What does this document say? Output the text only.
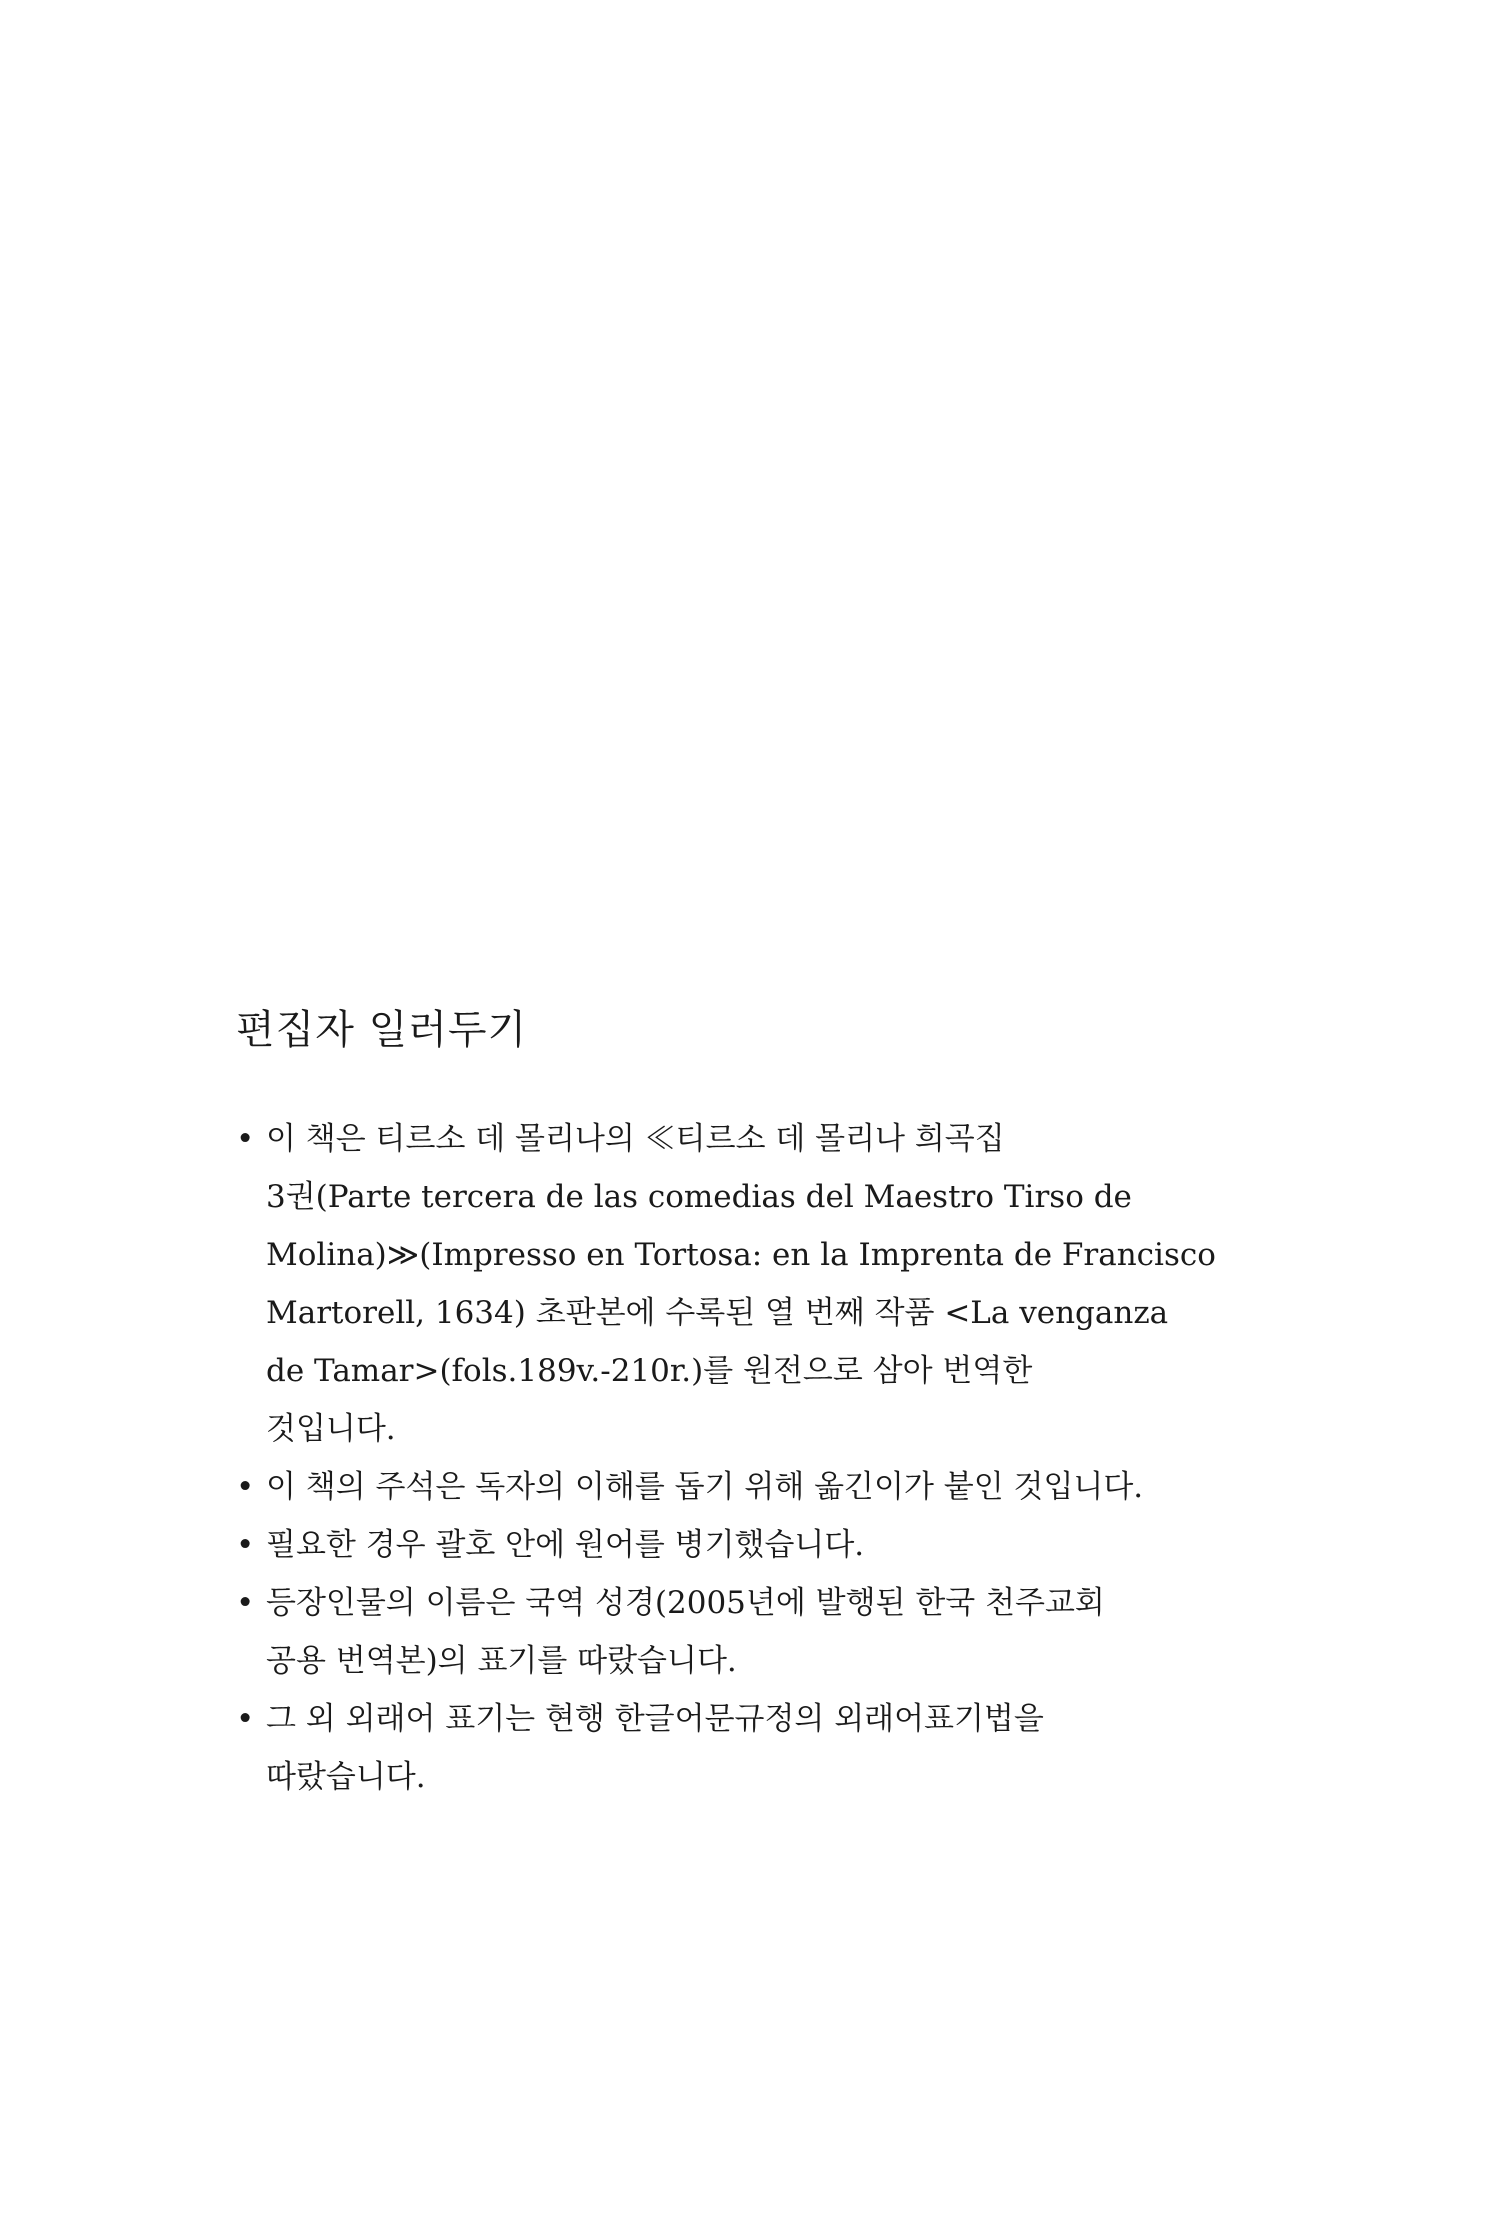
편집자 일러두기
• 이 책은 티르소 데 몰리나의 ≪티르소 데 몰리나 희곡집
3권(Parte tercera de las comedias del Maestro Tirso de
Molina)≫(Impresso en Tortosa: en la Imprenta de Francisco
Martorell, 1634) 초판본에 수록된 열 번째 작품 <La venganza
de Tamar>(fols.189v.-210r.)를 원전으로 삼아 번역한
것입니다.
• 이 책의 주석은 독자의 이해를 돕기 위해 옮긴이가 붙인 것입니다.
• 필요한 경우 괄호 안에 원어를 병기했습니다.
• 등장인물의 이름은 국역 성경(2005년에 발행된 한국 천주교회
공용 번역본)의 표기를 따랐습니다.
• 그 외 외래어 표기는 현행 한글어문규정의 외래어표기법을
따랐습니다.
